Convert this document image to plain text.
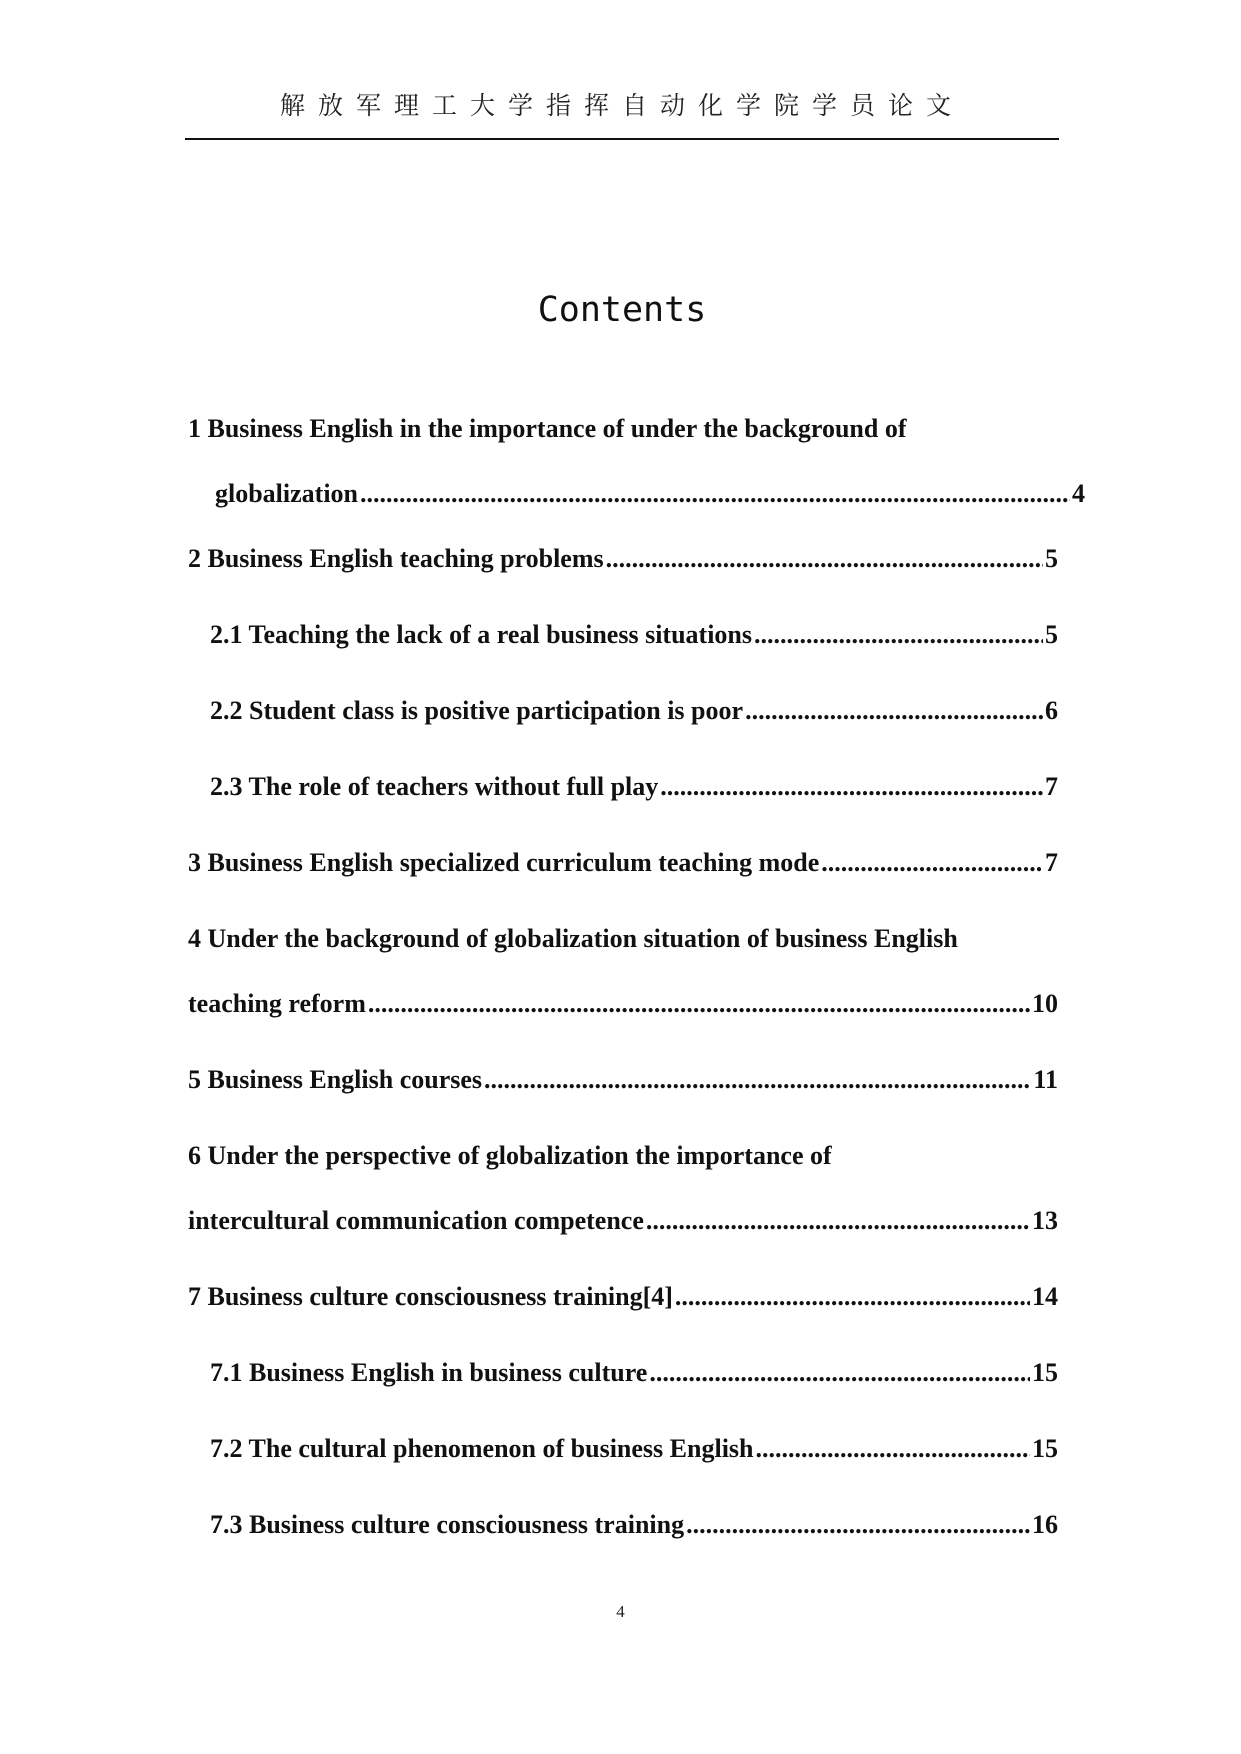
解放军理工大学指挥自动化学院学员论文
Contents
1 Business English in the importance of under the background of
globalization .....	4
2 Business English teaching problems .....	5
2.1 Teaching the lack of a real business situations .....	5
2.2 Student class is positive participation is poor .....	6
2.3 The role of teachers without full play .....	7
3 Business English specialized curriculum teaching mode .....	7
4 Under the background of globalization situation of business English
teaching reform .....	10
5 Business English courses .....	11
6 Under the perspective of globalization the importance of
intercultural communication competence .....	13
7 Business culture consciousness training[4] .....	14
7.1 Business English in business culture .....	15
7.2 The cultural phenomenon of business English .....	15
7.3 Business culture consciousness training .....	16
4
